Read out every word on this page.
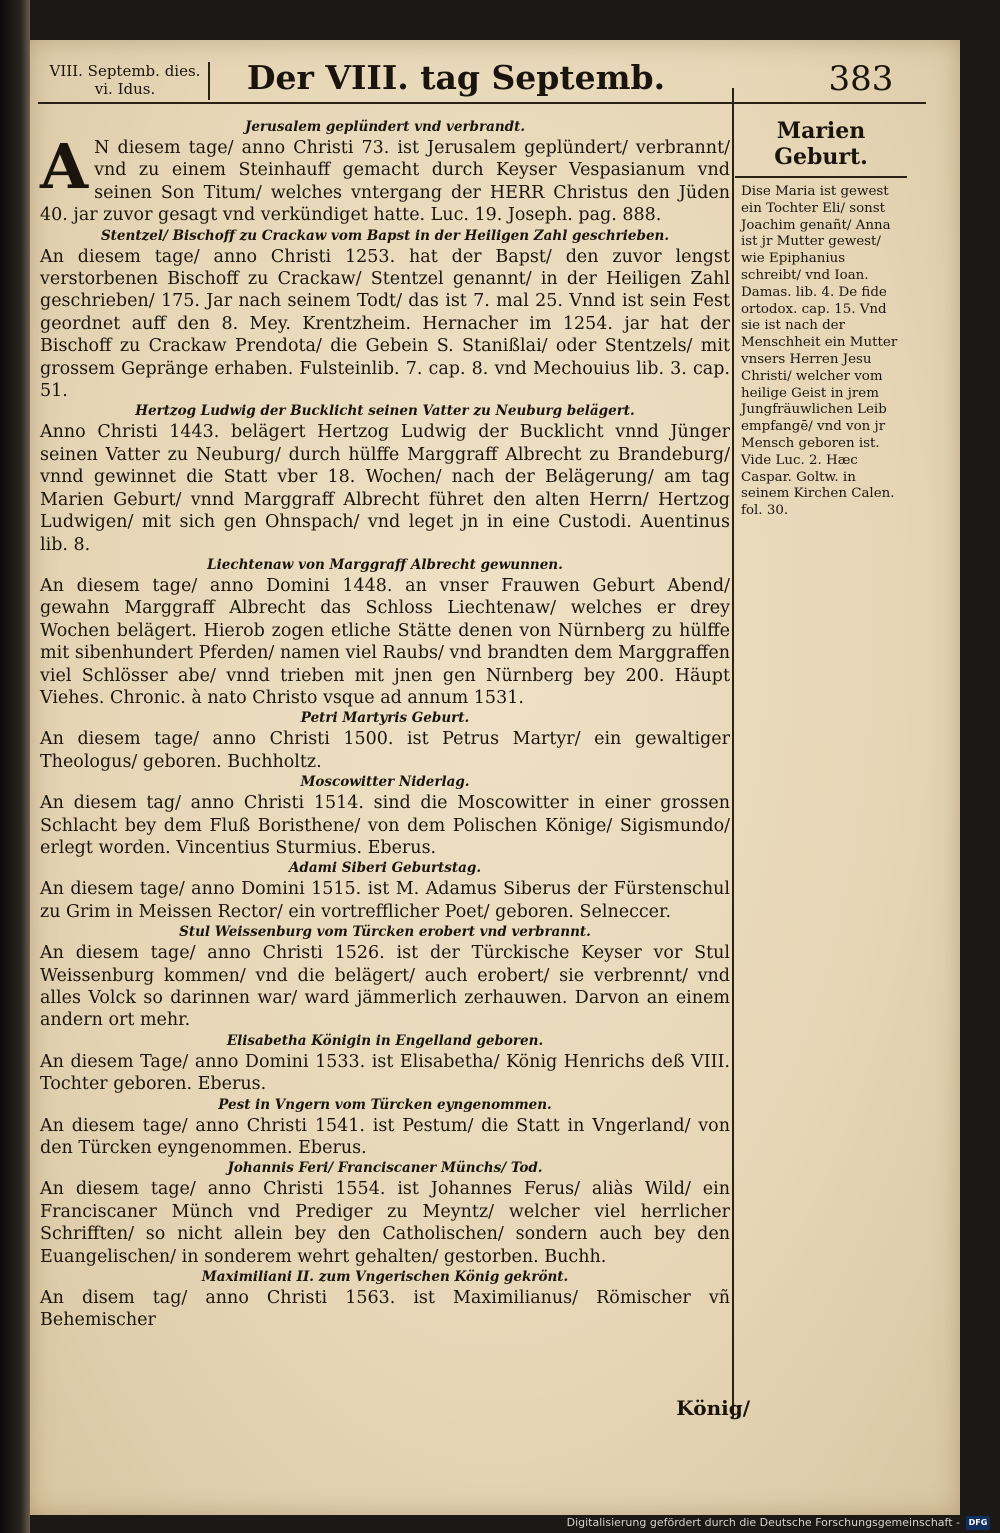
VIII. Septemb. dies.
vi. Idus.	Der VIII. tag Septemb.	383
Jerusalem geplündert vnd verbrandt.
AN diesem tage/ anno Christi 73. ist Jerusalem geplündert/ verbrannt/ vnd zu einem Steinhauff gemacht durch Keyser Vespasianum vnd seinen Son Titum/ welches vntergang der HERR Christus den Jüden 40. jar zuvor gesagt vnd verkündiget hatte. Luc. 19. Joseph. pag. 888.
Stentzel/ Bischoff zu Crackaw vom Bapst in der Heiligen Zahl geschrieben.
An diesem tage/ anno Christi 1253. hat der Bapst/ den zuvor lengst verstorbenen Bischoff zu Crackaw/ Stentzel genannt/ in der Heiligen Zahl geschrieben/ 175. Jar nach seinem Todt/ das ist 7. mal 25. Vnnd ist sein Fest geordnet auff den 8. Mey. Krentzheim. Hernacher im 1254. jar hat der Bischoff zu Crackaw Prendota/ die Gebein S. Stanißlai/ oder Stentzels/ mit grossem Gepränge erhaben. Fulsteinlib. 7. cap. 8. vnd Mechouius lib. 3. cap. 51.
Hertzog Ludwig der Bucklicht seinen Vatter zu Neuburg belägert.
Anno Christi 1443. belägert Hertzog Ludwig der Bucklicht vnnd Jünger seinen Vatter zu Neuburg/ durch hülffe Marggraff Albrecht zu Brandeburg/ vnnd gewinnet die Statt vber 18. Wochen/ nach der Belägerung/ am tag Marien Geburt/ vnnd Marggraff Albrecht führet den alten Herrn/ Hertzog Ludwigen/ mit sich gen Ohnspach/ vnd leget jn in eine Custodi. Auentinus lib. 8.
Liechtenaw von Marggraff Albrecht gewunnen.
An diesem tage/ anno Domini 1448. an vnser Frauwen Geburt Abend/ gewahn Marggraff Albrecht das Schloss Liechtenaw/ welches er drey Wochen belägert. Hierob zogen etliche Stätte denen von Nürnberg zu hülffe mit sibenhundert Pferden/ namen viel Raubs/ vnd brandten dem Marggraffen viel Schlösser abe/ vnnd trieben mit jnen gen Nürnberg bey 200. Häupt Viehes. Chronic. à nato Christo vsque ad annum 1531.
Petri Martyris Geburt.
An diesem tage/ anno Christi 1500. ist Petrus Martyr/ ein gewaltiger Theologus/ geboren. Buchholtz.
Moscowitter Niderlag.
An diesem tag/ anno Christi 1514. sind die Moscowitter in einer grossen Schlacht bey dem Fluß Boristhene/ von dem Polischen Könige/ Sigismundo/ erlegt worden. Vincentius Sturmius. Eberus.
Adami Siberi Geburtstag.
An diesem tage/ anno Domini 1515. ist M. Adamus Siberus der Fürstenschul zu Grim in Meissen Rector/ ein vortrefflicher Poet/ geboren. Selneccer.
Stul Weissenburg vom Türcken erobert vnd verbrannt.
An diesem tage/ anno Christi 1526. ist der Türckische Keyser vor Stul Weissenburg kommen/ vnd die belägert/ auch erobert/ sie verbrennt/ vnd alles Volck so darinnen war/ ward jämmerlich zerhauwen. Darvon an einem andern ort mehr.
Elisabetha Königin in Engelland geboren.
An diesem Tage/ anno Domini 1533. ist Elisabetha/ König Henrichs deß VIII. Tochter geboren. Eberus.
Pest in Vngern vom Türcken eyngenommen.
An diesem tage/ anno Christi 1541. ist Pestum/ die Statt in Vngerland/ von den Türcken eyngenommen. Eberus.
Johannis Feri/ Franciscaner Münchs/ Tod.
An diesem tage/ anno Christi 1554. ist Johannes Ferus/ aliàs Wild/ ein Franciscaner Münch vnd Prediger zu Meyntz/ welcher viel herrlicher Schrifften/ so nicht allein bey den Catholischen/ sondern auch bey den Euangelischen/ in sonderem wehrt gehalten/ gestorben. Buchh.
Maximiliani II. zum Vngerischen König gekrönt.
An disem tag/ anno Christi 1563. ist Maximilianus/ Römischer vñ Behemischer
Marien Geburt.
Dise Maria ist gewest ein Tochter Eli/ sonst Joachim genañt/ Anna ist jr Mutter gewest/ wie Epiphanius schreibt/ vnd Ioan. Damas. lib. 4. De fide ortodox. cap. 15. Vnd sie ist nach der Menschheit ein Mutter vnsers Herren Jesu Christi/ welcher vom heilige Geist in jrem Jungfräuwlichen Leib empfangē/ vnd von jr Mensch geboren ist. Vide Luc. 2. Hæc Caspar. Goltw. in seinem Kirchen Calen. fol. 30.
König/
Digitalisierung gefördert durch die Deutsche Forschungsgemeinschaft -	DFG
